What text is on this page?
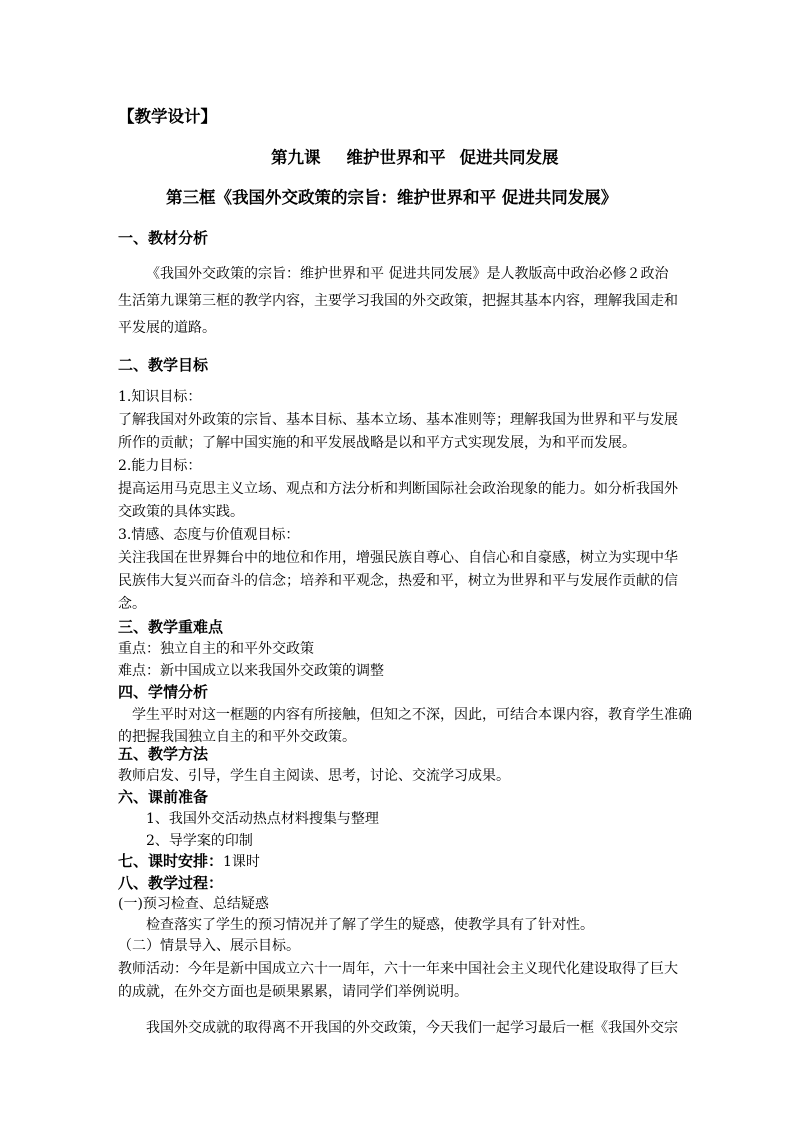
【教学设计】
第九课 维护世界和平 促进共同发展
第三框《我国外交政策的宗旨：维护世界和平 促进共同发展》
一、教材分析
《我国外交政策的宗旨：维护世界和平 促进共同发展》是人教版高中政治必修２政治
生活第九课第三框的教学内容，主要学习我国的外交政策，把握其基本内容，理解我国走和
平发展的道路。
二、教学目标
1.知识目标：
了解我国对外政策的宗旨、基本目标、基本立场、基本准则等；理解我国为世界和平与发展
所作的贡献；了解中国实施的和平发展战略是以和平方式实现发展，为和平而发展。
2.能力目标：
提高运用马克思主义立场、观点和方法分析和判断国际社会政治现象的能力。如分析我国外
交政策的具体实践。
3.情感、态度与价值观目标：
关注我国在世界舞台中的地位和作用，增强民族自尊心、自信心和自豪感，树立为实现中华
民族伟大复兴而奋斗的信念；培养和平观念，热爱和平，树立为世界和平与发展作贡献的信
念。
三、教学重难点
重点：独立自主的和平外交政策
难点：新中国成立以来我国外交政策的调整
四、学情分析
学生平时对这一框题的内容有所接触，但知之不深，因此，可结合本课内容，教育学生准确
的把握我国独立自主的和平外交政策。
五、教学方法
教师启发、引导，学生自主阅读、思考，讨论、交流学习成果。
六、课前准备
1、我国外交活动热点材料搜集与整理
2、导学案的印制
七、课时安排：1课时
八、教学过程：
(一)预习检查、总结疑惑
检查落实了学生的预习情况并了解了学生的疑惑，使教学具有了针对性。
（二）情景导入、展示目标。
教师活动：今年是新中国成立六十一周年，六十一年来中国社会主义现代化建设取得了巨大
的成就，在外交方面也是硕果累累，请同学们举例说明。
我国外交成就的取得离不开我国的外交政策，今天我们一起学习最后一框《我国外交宗
